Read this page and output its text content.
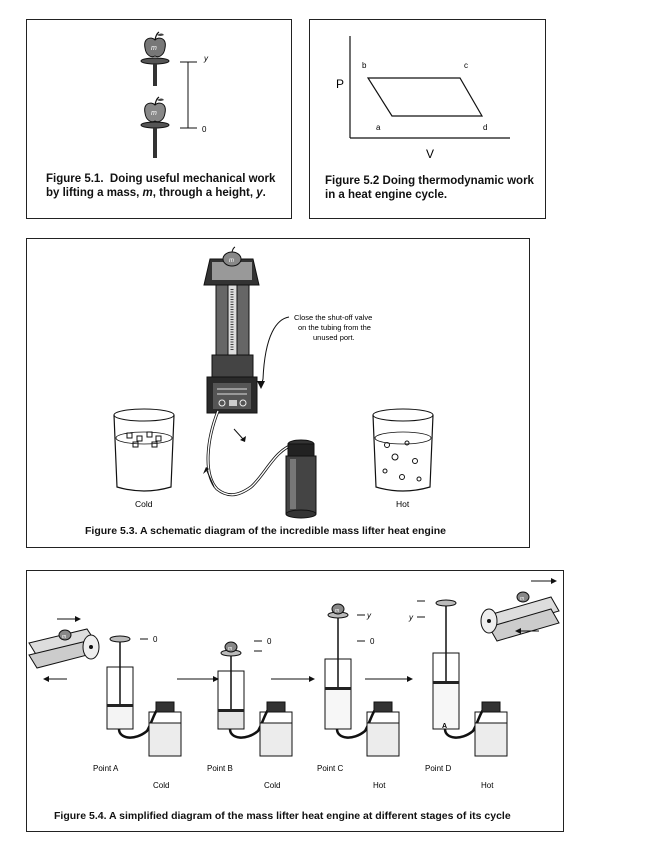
m
m
y
0
Figure 5.1. Doing useful mechanical work by lifting a mass, m, through a height, y.
b	c
a	d
P
V
Figure 5.2 Doing thermodynamic work in a heat engine cycle.
m
Close the shut-off valve on the tubing from the unused port.
Cold	Hot
Figure 5.3. A schematic diagram of the incredible mass lifter heat engine
m
m
0
m
0
m	y
0
A
y
Point A
Cold
Point B
Cold
Point C
Hot
Point D
Hot
Figure 5.4. A simplified diagram of the mass lifter heat engine at different stages of its cycle
